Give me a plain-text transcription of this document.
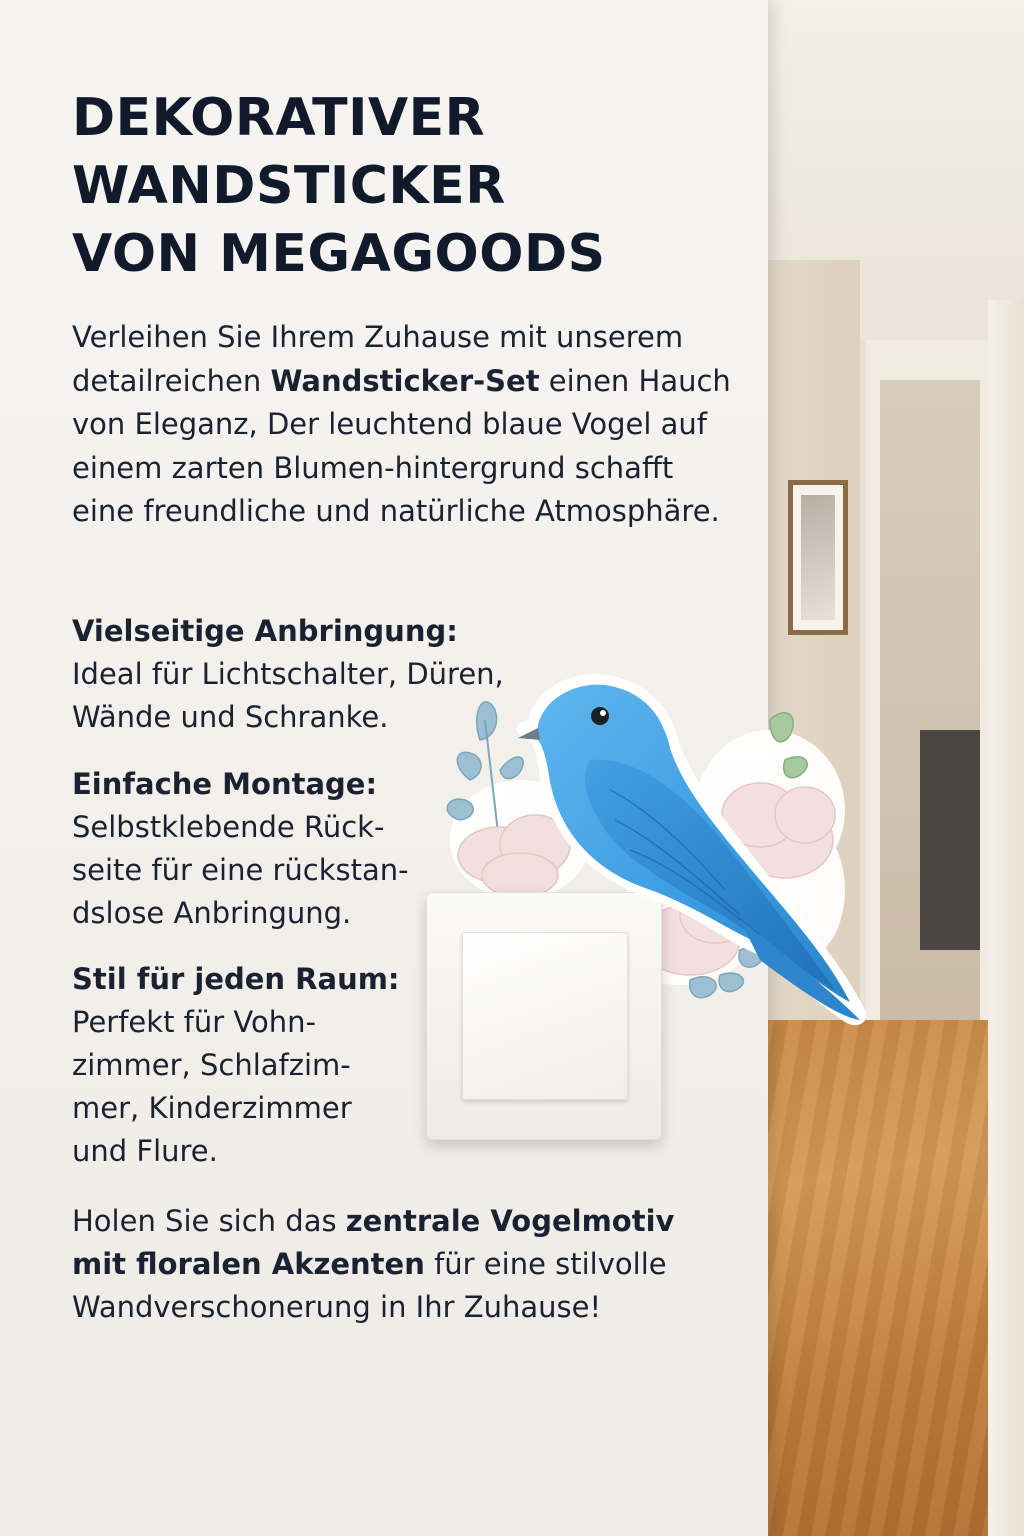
DEKORATIVER
WANDSTICKER
VON MEGAGOODS
Verleihen Sie Ihrem Zuhause mit unserem detailreichen Wandsticker-Set einen Hauch von Eleganz, Der leuchtend blaue Vogel auf einem zarten Blumen-hintergrund schafft eine freundliche und natürliche Atmosphäre.
Vielseitige Anbringung:
Ideal für Lichtschalter, Düren, Wände und Schranke.
Einfache Montage:
Selbstklebende Rück-seite für eine rückstan-dslose Anbringung.
Stil für jeden Raum:
Perfekt für Vohn-zimmer, Schlafzim-mer, Kinderzimmer und Flure.
Holen Sie sich das zentrale Vogelmotiv mit floralen Akzenten für eine stilvolle Wandverschonerung in Ihr Zuhause!
